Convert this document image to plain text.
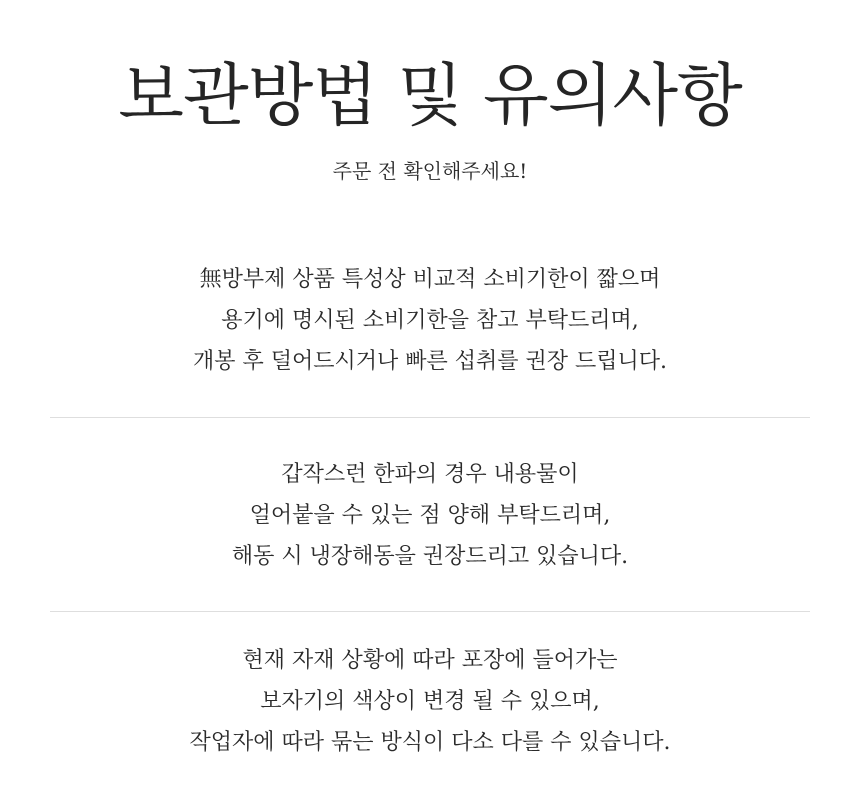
보관방법 및 유의사항

주문 전 확인해주세요!

無방부제 상품 특성상 비교적 소비기한이 짧으며
용기에 명시된 소비기한을 참고 부탁드리며,
개봉 후 덜어드시거나 빠른 섭취를 권장 드립니다.
갑작스런 한파의 경우 내용물이
얼어붙을 수 있는 점 양해 부탁드리며,
해동 시 냉장해동을 권장드리고 있습니다.
현재 자재 상황에 따라 포장에 들어가는
보자기의 색상이 변경 될 수 있으며,
작업자에 따라 묶는 방식이 다소 다를 수 있습니다.
